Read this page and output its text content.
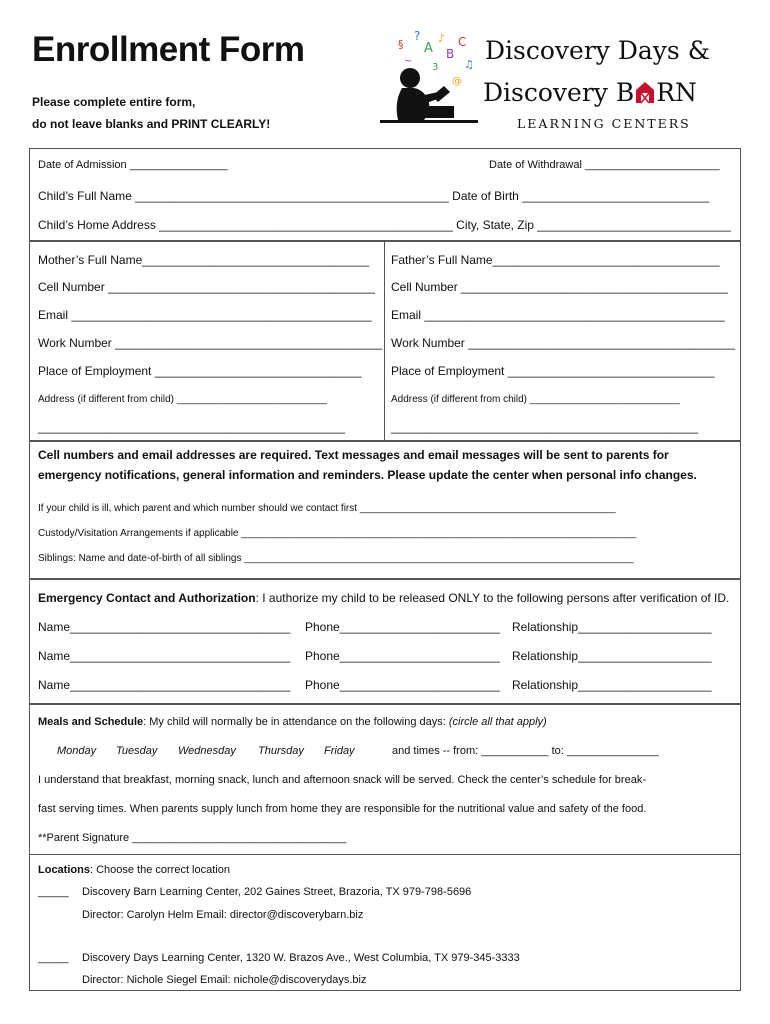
Enrollment Form
Please complete entire form,
do not leave blanks and PRINT CLEARLY!
§
?
A
♪
B
C
♫
3
@
~	Discovery Days &
Discovery B RN
LEARNING CENTERS
Date of Admission ________________	Date of Withdrawal ______________________
Child’s Full Name _______________________________________________ Date of Birth ____________________________
Child’s Home Address ____________________________________________ City, State, Zip _____________________________
Mother’s Full Name__________________________________
Cell Number ________________________________________
Email _____________________________________________
Work Number ________________________________________
Place of Employment _______________________________
Address (if different from child) ___________________________
______________________________________________
Father’s Full Name__________________________________
Cell Number ________________________________________
Email _____________________________________________
Work Number ________________________________________
Place of Employment _______________________________
Address (if different from child) ___________________________
______________________________________________
Cell numbers and email addresses are required. Text messages and email messages will be sent to parents for
emergency notifications, general information and reminders. Please update the center when personal info changes.
If your child is ill, which parent and which number should we contact first ______________________________________________
Custody/Visitation Arrangements if applicable _______________________________________________________________________
Siblings: Name and date-of-birth of all siblings ______________________________________________________________________
Emergency Contact and Authorization: I authorize my child to be released ONLY to the following persons after verification of ID.
Name_________________________________ Phone________________________ Relationship____________________
Name_________________________________ Phone________________________ Relationship____________________
Name_________________________________ Phone________________________ Relationship____________________
Meals and Schedule: My child will normally be in attendance on the following days: (circle all that apply)
Monday Tuesday Wednesday Thursday Friday	and times -- from: ___________ to: _______________
I understand that breakfast, morning snack, lunch and afternoon snack will be served. Check the center’s schedule for break-
fast serving times. When parents supply lunch from home they are responsible for the nutritional value and safety of the food.
**Parent Signature ___________________________________
Locations: Choose the correct location
_____ Discovery Barn Learning Center, 202 Gaines Street, Brazoria, TX 979-798-5696
Director: Carolyn Helm Email: director@discoverybarn.biz
_____ Discovery Days Learning Center, 1320 W. Brazos Ave., West Columbia, TX 979-345-3333
Director: Nichole Siegel Email: nichole@discoverydays.biz
